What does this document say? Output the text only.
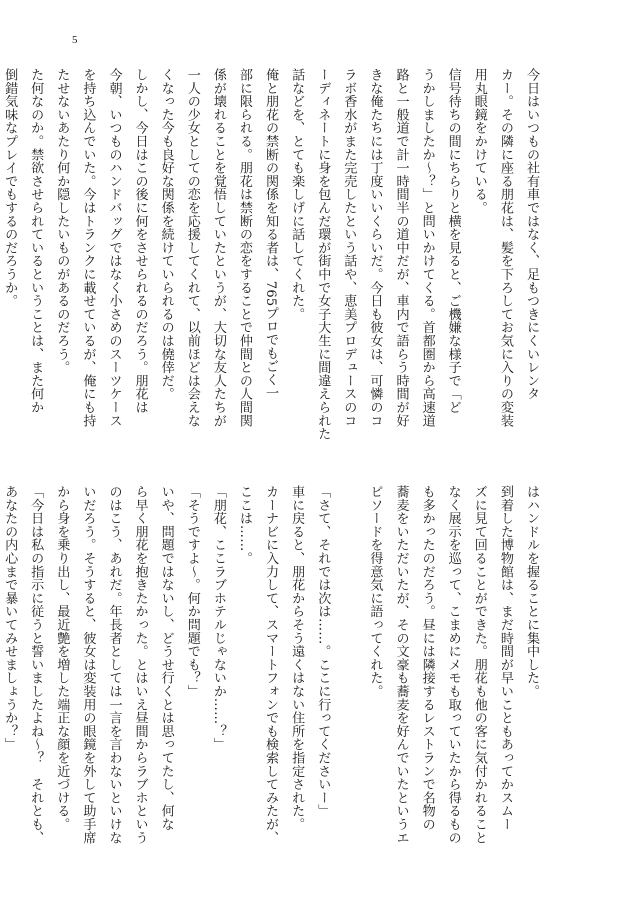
5
今日はいつもの社有車ではなく、足もつきにくいレンタ
カー。その隣に座る朋花は、髪を下ろしてお気に入りの変装
用丸眼鏡をかけている。
信号待ちの間にちらりと横を見ると、ご機嫌な様子で「ど
うかしましたか～？」と問いかけてくる。首都圏から高速道
路と一般道で計一時間半の道中だが、車内で語らう時間が好
きな俺たちには丁度いいくらいだ。今日も彼女は、可憐のコ
ラボ香水がまた完売したという話や、恵美プロデュースのコ
ーディネートに身を包んだ環が街中で女子大生に間違えられた
話などを、とても楽しげに話してくれた。
俺と朋花の禁断の関係を知る者は、765プロでもごく一
部に限られる。朋花は禁断の恋をすることで仲間との人間関
係が壊れることを覚悟していたというが、大切な友人たちが
一人の少女としての恋を応援してくれて、以前ほどは会えな
くなった今も良好な関係を続けていられるのは僥倖だ。
しかし、今日はこの後に何をさせられるのだろう。朋花は
今朝、いつものハンドバッグではなく小さめのスーツケース
を持ち込んでいた。今はトランクに載せているが、俺にも持
たせないあたり何か隠したいものがあるのだろう。
た何なのか。禁欲させられているということは、また何か
倒錯気味なプレイでもするのだろうか。
はハンドルを握ることに集中した。
到着した博物館は、まだ時間が早いこともあってかスムー
ズに見て回ることができた。朋花も他の客に気付かれること
なく展示を巡って、こまめにメモも取っていたから得るもの
も多かったのだろう。昼には隣接するレストランで名物の
蕎麦をいただいたが、その文豪も蕎麦を好んでいたというエ
ピソードを得意気に語ってくれた。
「さて、それでは次は……。ここに行ってくださいー」
車に戻ると、朋花からそう遠くはない住所を指定された。
カーナビに入力して、スマートフォンでも検索してみたが、
ここは……。
「朋花、ここラブホテルじゃないか……？」
「そうですよ～。何か問題でも？」
いや、問題ではないし、どうせ行くとは思ってたし、何な
ら早く朋花を抱きたかった。とはいえ昼間からラブホという
のはこう、あれだ。年長者としては一言を言わないといけな
いだろう。そうすると、彼女は変装用の眼鏡を外して助手席
から身を乗り出し、最近艶を増した端正な顔を近づける。
「今日は私の指示に従うと誓いましたよね～？　それとも、
あなたの内心まで暴いてみせましょうか？」
